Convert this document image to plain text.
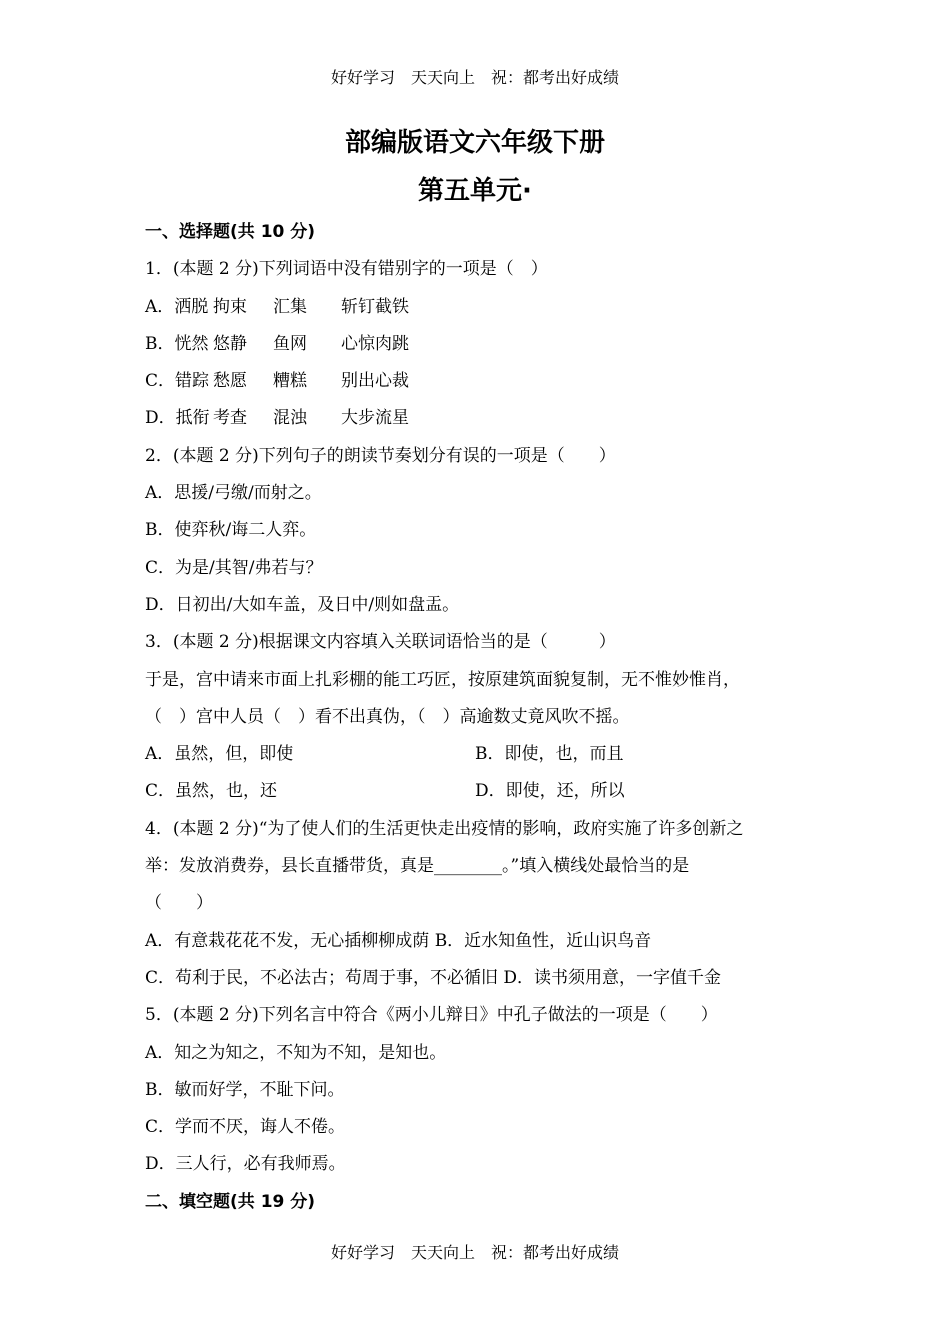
好好学习　天天向上　祝：都考出好成绩
部编版语文六年级下册
第五单元·
一、选择题(共 10 分)
1．(本题 2 分)下列词语中没有错别字的一项是（　）
A．洒脱 拘束 汇集 斩钉截铁
B．恍然 悠静 鱼网 心惊肉跳
C．错踪 愁愿 糟糕 别出心裁
D．抵衔 考查 混浊 大步流星
2．(本题 2 分)下列句子的朗读节奏划分有误的一项是（　　）
A．思援/弓缴/而射之。
B．使弈秋/诲二人弈。
C．为是/其智/弗若与？
D．日初出/大如车盖，及日中/则如盘盂。
3．(本题 2 分)根据课文内容填入关联词语恰当的是（　　　）
于是，宫中请来市面上扎彩棚的能工巧匠，按原建筑面貌复制，无不惟妙惟肖，
（　）宫中人员（　）看不出真伪，（　）高逾数丈竟风吹不摇。
A．虽然，但，即使	B．即使，也，而且
C．虽然，也，还	D．即使，还，所以
4．(本题 2 分)“为了使人们的生活更快走出疫情的影响，政府实施了许多创新之
举：发放消费券，县长直播带货，真是________。”填入横线处最恰当的是
（　　）
A．有意栽花花不发，无心插柳柳成荫 B．近水知鱼性，近山识鸟音
C．苟利于民，不必法古；苟周于事，不必循旧 D．读书须用意，一字值千金
5．(本题 2 分)下列名言中符合《两小儿辩日》中孔子做法的一项是（　　）
A．知之为知之，不知为不知，是知也。
B．敏而好学，不耻下问。
C．学而不厌，诲人不倦。
D．三人行，必有我师焉。
二、填空题(共 19 分)
好好学习　天天向上　祝：都考出好成绩
